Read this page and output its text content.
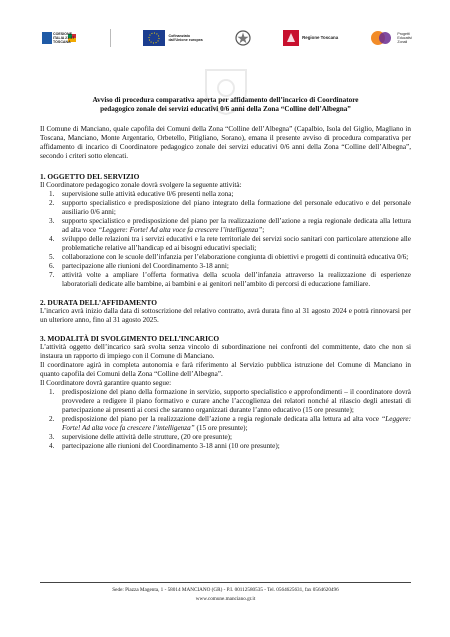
COESIONE
ITALIA 21-27
TOSCANA
Cofinanziato
dall'Unione europea
Regione Toscana
Progetti
Educativi
Zonali
Avviso di procedura comparativa aperta per affidamento dell’incarico di Coordinatore
pedagogico zonale dei servizi educativi 0/6 anni della Zona “Colline dell’Albegna”

Il Comune di Manciano, quale capofila dei Comuni della Zona “Colline dell’Albegna” (Capalbio, Isola del Giglio, Magliano in Toscana, Manciano, Monte Argentario, Orbetello, Pitigliano, Sorano), emana il presente avviso di procedura comparativa per affidamento di incarico di Coordinatore pedagogico zonale dei servizi educativi 0/6 anni della Zona “Colline dell’Albegna”, secondo i criteri sotto elencati.

1. OGGETTO DEL SERVIZIO

Il Coordinatore pedagogico zonale dovrà svolgere la seguente attività:

1. supervisione sulle attività educative 0/6 presenti nella zona;
2. supporto specialistico e predisposizione del piano integrato della formazione del personale educativo e del personale ausiliario 0/6 anni;
3. supporto specialistico e predisposizione del piano per la realizzazione dell’azione a regia regionale dedicata alla lettura ad alta voce “Leggere: Forte! Ad alta voce fa crescere l’intelligenza”;
4. sviluppo delle relazioni tra i servizi educativi e la rete territoriale dei servizi socio sanitari con particolare attenzione alle problematiche relative all’handicap ed ai bisogni educativi speciali;
5. collaborazione con le scuole dell’infanzia per l’elaborazione congiunta di obiettivi e progetti di continuità educativa 0/6;
6. partecipazione alle riunioni del Coordinamento 3-18 anni;
7. attività volte a ampliare l’offerta formativa della scuola dell’infanzia attraverso la realizzazione di esperienze laboratoriali dedicate alle bambine, ai bambini e ai genitori nell’ambito di percorsi di educazione familiare.
2. DURATA DELL’AFFIDAMENTO

L’incarico avrà inizio dalla data di sottoscrizione del relativo contratto, avrà durata fino al 31 agosto 2024 e potrà rinnovarsi per un ulteriore anno, fino al 31 agosto 2025.

3. MODALITÀ DI SVOLGIMENTO DELL’INCARICO

L’attività oggetto dell’incarico sarà svolta senza vincolo di subordinazione nei confronti del committente, dato che non si instaura un rapporto di impiego con il Comune di Manciano.

Il coordinatore agirà in completa autonomia e farà riferimento al Servizio pubblica istruzione del Comune di Manciano in quanto capofila dei Comuni della Zona “Colline dell’Albegna”.

Il Coordinatore dovrà garantire quanto segue:

1. predisposizione del piano della formazione in servizio, supporto specialistico e approfondimenti – il coordinatore dovrà provvedere a redigere il piano formativo e curare anche l’accoglienza dei relatori nonché al rilascio degli attestati di partecipazione ai presenti ai corsi che saranno organizzati durante l’anno educativo (15 ore presunte);
2. predisposizione del piano per la realizzazione dell’azione a regia regionale dedicata alla lettura ad alta voce “Leggere: Forte! Ad alta voce fa crescere l’intelligenza” (15 ore presunte);
3. supervisione delle attività delle strutture, (20 ore presunte);
4. partecipazione alle riunioni del Coordinamento 3-18 anni (10 ore presunte);
Sede: Piazza Magenta, 1 - 58014 MANCIANO (GR) - P.I. 00112580535 - Tel. 0564625631, fax 0564620496
www.comune.manciano.gr.it
